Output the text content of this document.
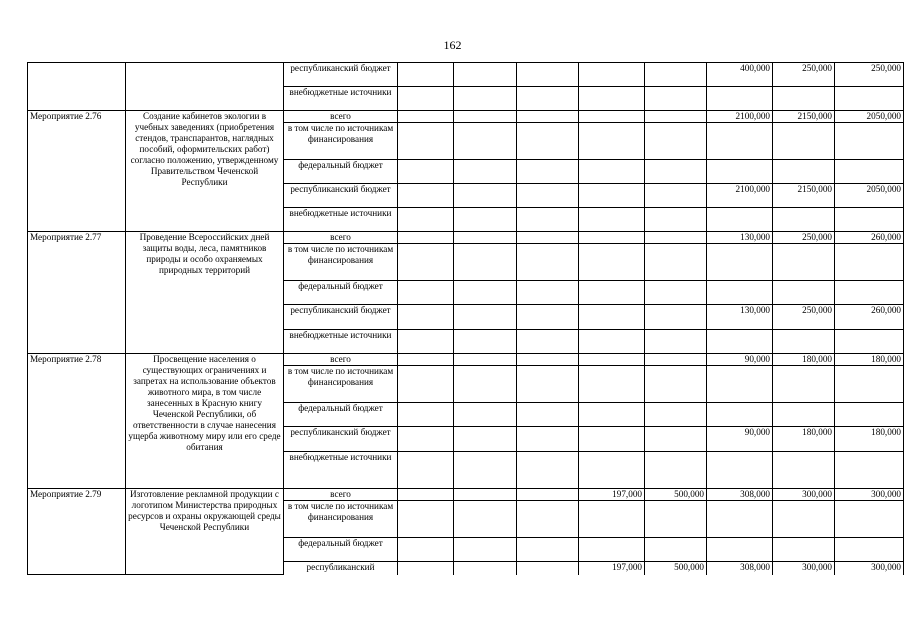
162
		республиканский бюджет						400,000	250,000	250,000
		внебюджетные источники								
Мероприятие 2.76	Создание кабинетов экологии в учебных заведениях (приобретения стендов, транспарантов, наглядных пособий, оформительских работ) согласно положению, утвержденному Правительством Чеченской Республики	всего						2100,000	2150,000	2050,000
		в том числе по источникам финансирования								
		федеральный бюджет								
		республиканский бюджет						2100,000	2150,000	2050,000
		внебюджетные источники								
Мероприятие 2.77	Проведение Всероссийских дней защиты воды, леса, памятников природы и особо охраняемых природных территорий	всего						130,000	250,000	260,000
		в том числе по источникам финансирования								
		федеральный бюджет								
		республиканский бюджет						130,000	250,000	260,000
		внебюджетные источники								
Мероприятие 2.78	Просвещение населения о существующих ограничениях и запретах на использование объектов животного мира, в том числе занесенных в Красную книгу Чеченской Республики, об ответственности в случае нанесения ущерба животному миру или его среде обитания	всего						90,000	180,000	180,000
		в том числе по источникам финансирования								
		федеральный бюджет								
		республиканский бюджет						90,000	180,000	180,000
		внебюджетные источники								
Мероприятие 2.79	Изготовление рекламной продукции с логотипом Министерства природных ресурсов и охраны окружающей среды Чеченской Республики	всего				197,000	500,000	308,000	300,000	300,000
		в том числе по источникам финансирования								
		федеральный бюджет								
		республиканский				197,000	500,000	308,000	300,000	300,000
